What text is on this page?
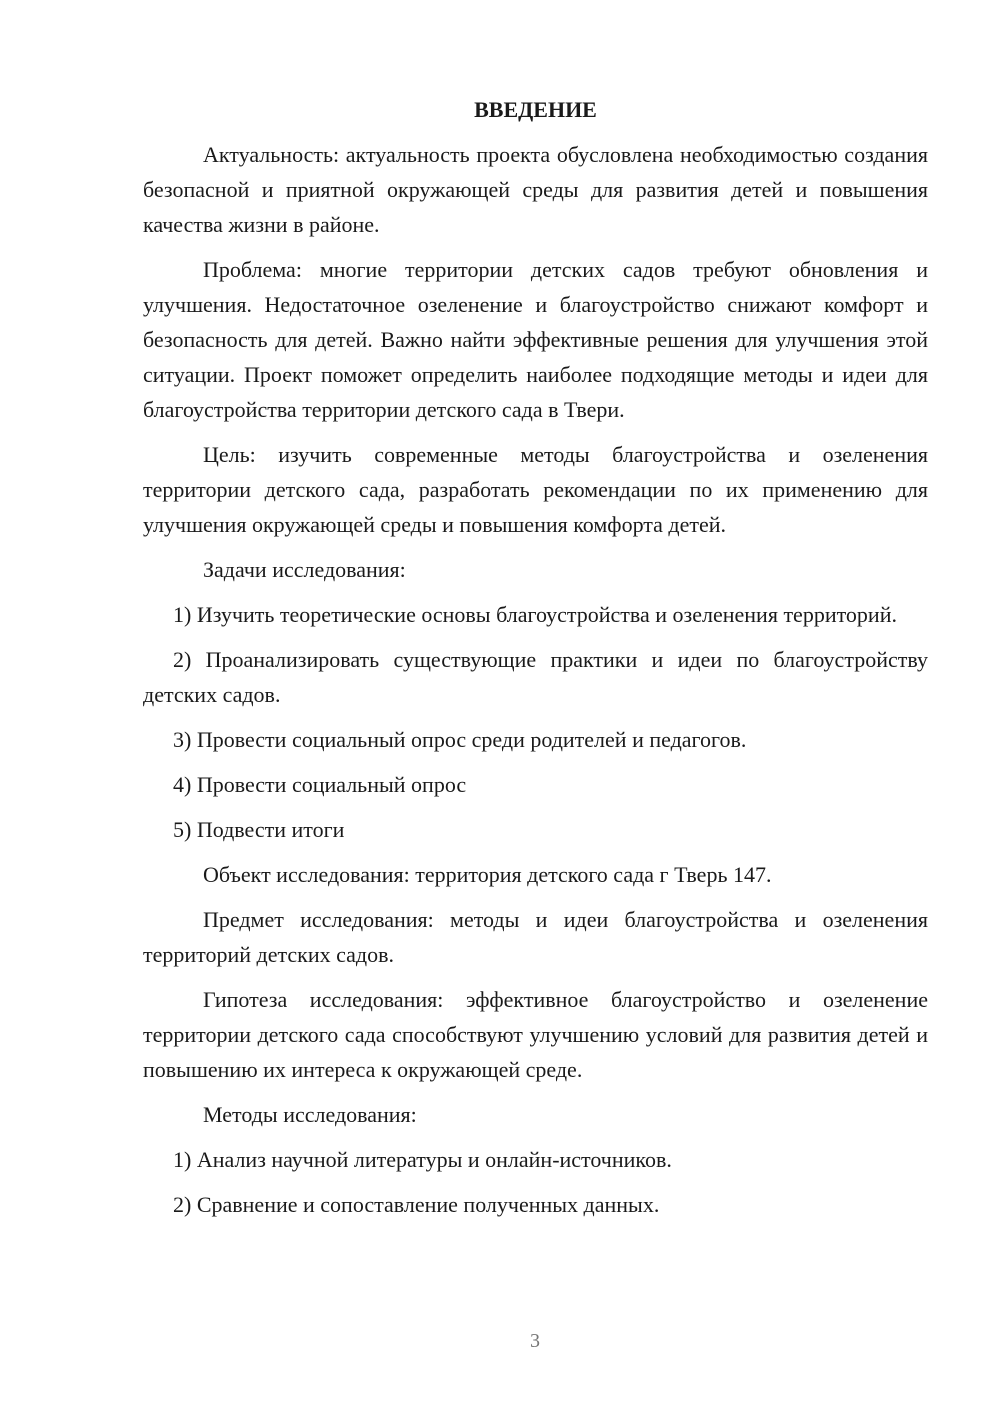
ВВЕДЕНИЕ

Актуальность: актуальность проекта обусловлена необходимостью создания безопасной и приятной окружающей среды для развития детей и повышения качества жизни в районе.

Проблема: многие территории детских садов требуют обновления и улучшения. Недостаточное озеленение и благоустройство снижают комфорт и безопасность для детей. Важно найти эффективные решения для улучшения этой ситуации. Проект поможет определить наиболее подходящие методы и идеи для благоустройства территории детского сада в Твери.

Цель: изучить современные методы благоустройства и озеленения территории детского сада, разработать рекомендации по их применению для улучшения окружающей среды и повышения комфорта детей.

Задачи исследования:

1) Изучить теоретические основы благоустройства и озеленения территорий.

2) Проанализировать существующие практики и идеи по благоустройству детских садов.

3) Провести социальный опрос среди родителей и педагогов.

4) Провести социальный опрос

5) Подвести итоги

Объект исследования: территория детского сада г Тверь 147.

Предмет исследования: методы и идеи благоустройства и озеленения территорий детских садов.

Гипотеза исследования: эффективное благоустройство и озеленение территории детского сада способствуют улучшению условий для развития детей и повышению их интереса к окружающей среде.

Методы исследования:

1) Анализ научной литературы и онлайн-источников.

2) Сравнение и сопоставление полученных данных.

3
